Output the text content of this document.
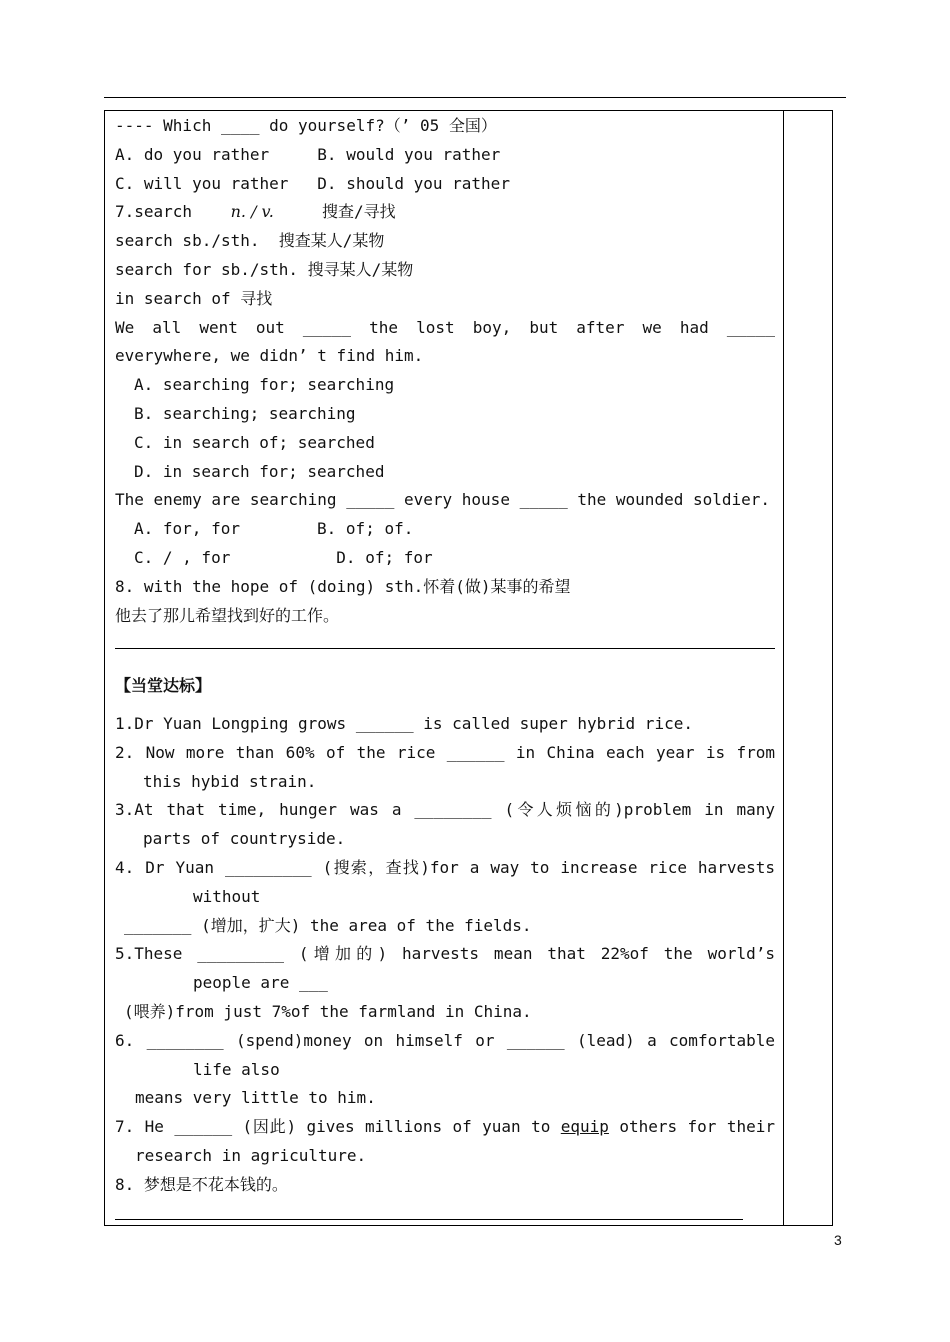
---- Which ____ do yourself?（’ 05 全国）
A. do you rather     B. would you rather
C. will you rather   D. should you rather
7.search n. / v.	搜查/寻找
search sb./sth.  搜查某人/某物
search for sb./sth. 搜寻某人/某物
in search of 寻找
We all went out _____ the lost boy, but after we had _____
everywhere, we didn’ t find him.
A. searching for; searching
B. searching; searching
C. in search of; searched
D. in search for; searched
The enemy are searching _____ every house _____ the wounded soldier.
A. for, for        B. of; of.
C. / , for           D. of; for
8. with the hope of (doing) sth.怀着(做)某事的希望
他去了那儿希望找到好的工作。
【当堂达标】
1.Dr Yuan Longping grows ______ is called super hybrid rice.
2. Now more than 60% of the rice ______ in China each year is from
this hybid strain.
3.At that time, hunger was a ________ (令人烦恼的)problem in many
parts of countryside.
4. Dr Yuan _________ (搜索，查找)for a way to increase rice harvests
without
_______ (增加，扩大) the area of the fields.
5.These _________ (增加的) harvests mean that 22%of the world’s
people are ___
(喂养)from just 7%of the farmland in China.
6. ________ (spend)money on himself or ______ (lead) a comfortable
life also
means very little to him.
7. He ______ (因此) gives millions of yuan to equip others for their
research in agriculture.
8. 梦想是不花本钱的。
3
